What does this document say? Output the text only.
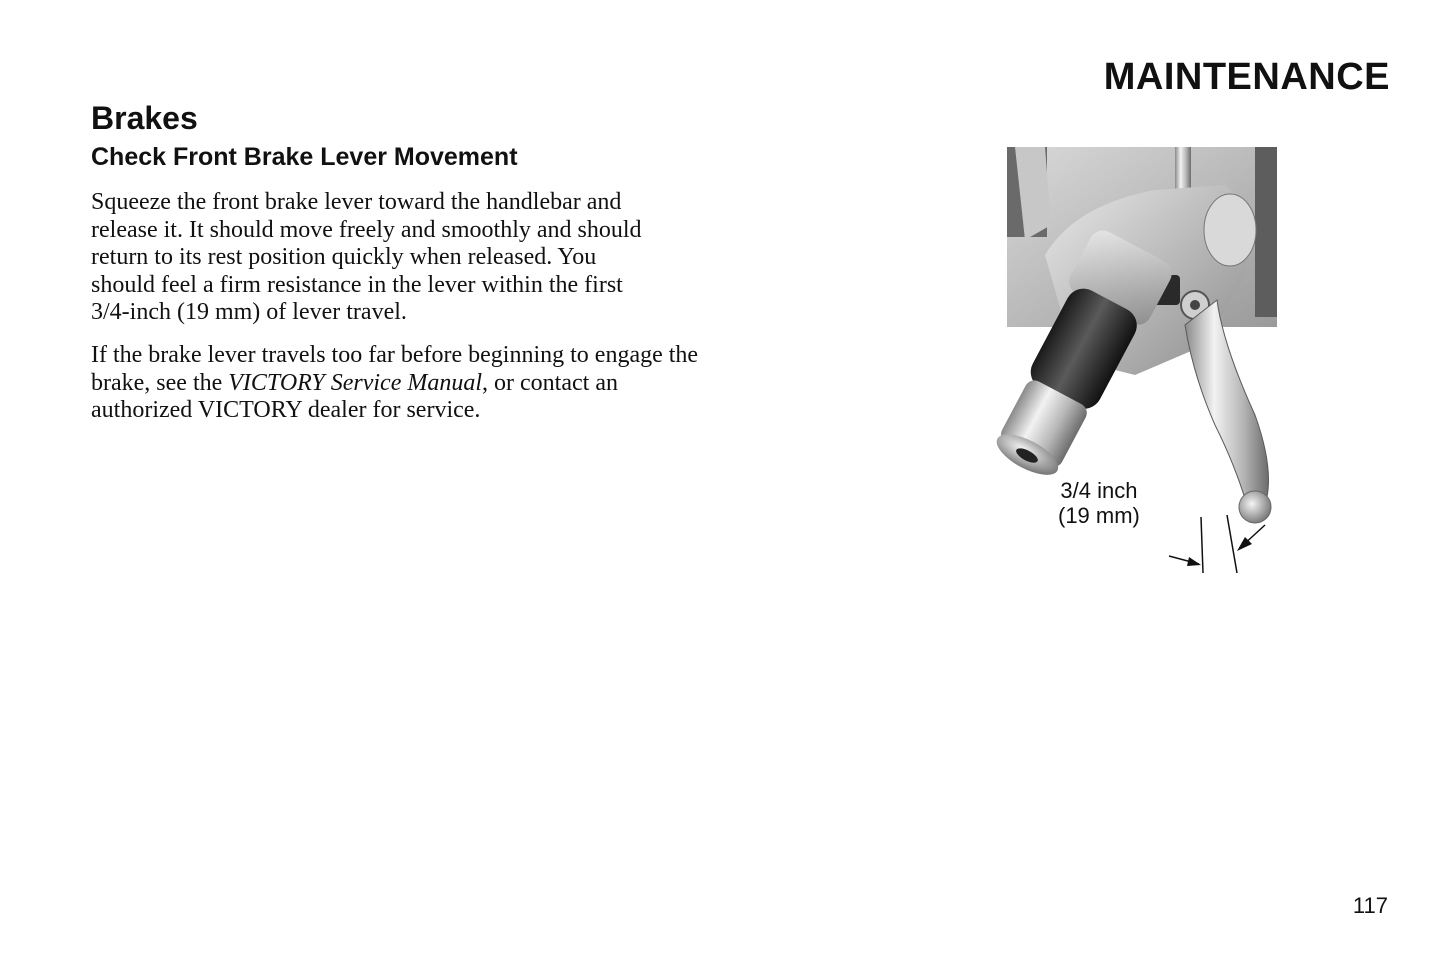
MAINTENANCE
Brakes
Check Front Brake Lever Movement

Squeeze the front brake lever toward the handlebar and
release it. It should move freely and smoothly and should
return to its rest position quickly when released. You
should feel a firm resistance in the lever within the first
3/4-inch (19 mm) of lever travel.

If the brake lever travels too far before beginning to engage the
brake, see the VICTORY Service Manual, or contact an
authorized VICTORY dealer for service.

3/4 inch
(19 mm)

117
